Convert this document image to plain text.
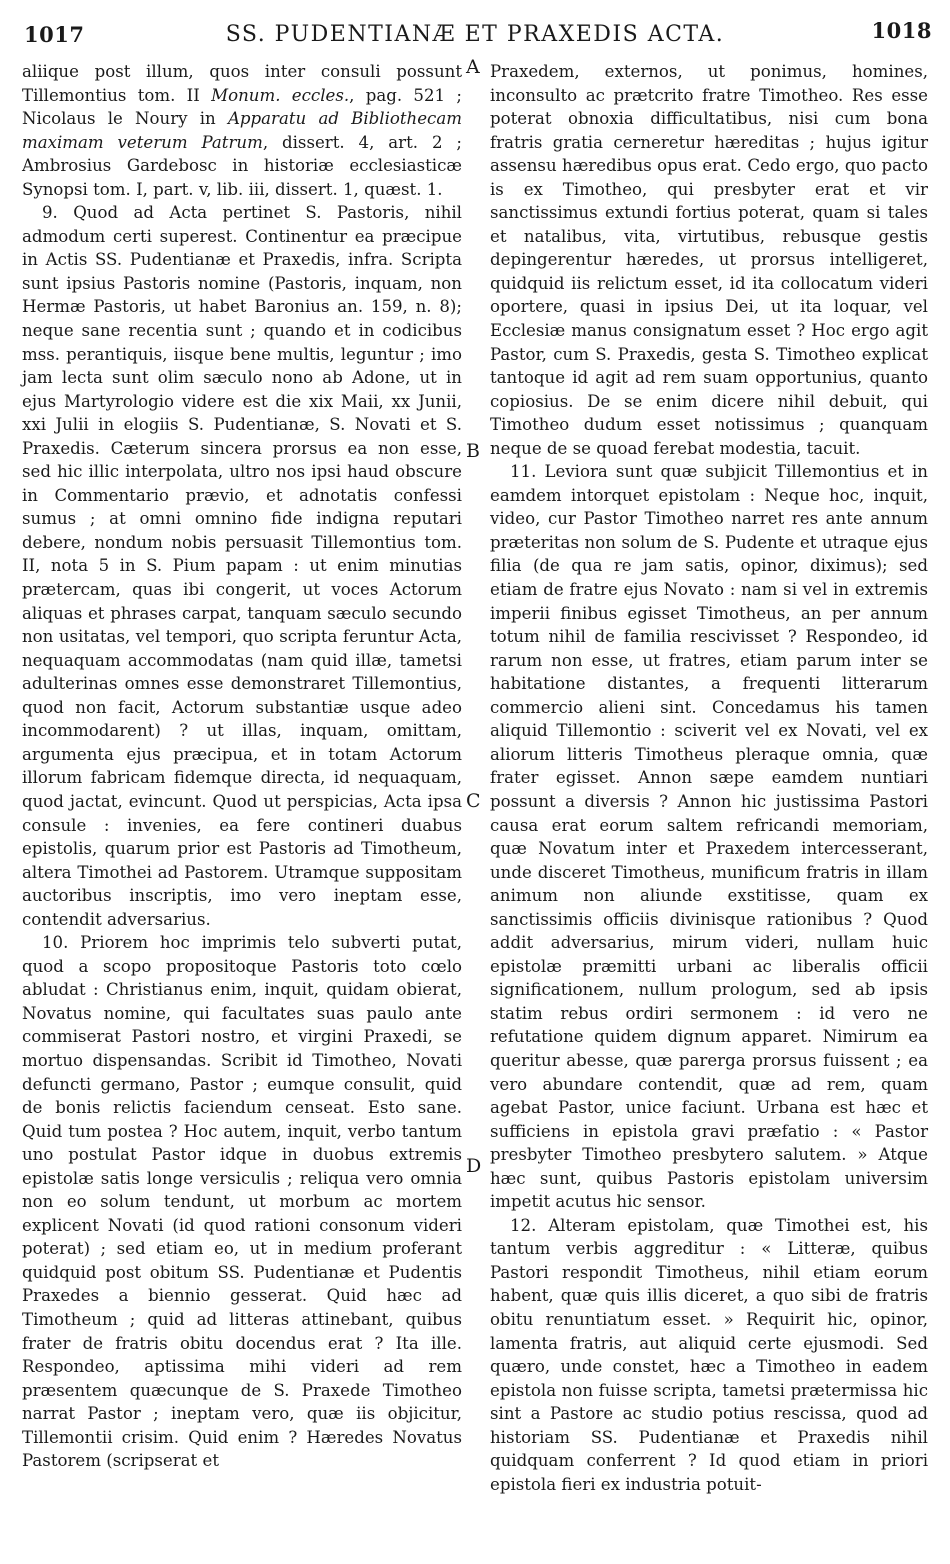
1017	SS. PUDENTIANÆ ET PRAXEDIS ACTA.	1018

aliique post illum, quos inter consuli possunt Tillemontius tom. II Monum. eccles., pag. 521 ; Nicolaus le Noury in Apparatu ad Bibliothecam maximam veterum Patrum, dissert. 4, art. 2 ; Ambrosius Gardebosc in historiæ ecclesiasticæ Synopsi tom. I, part. v, lib. iii, dissert. 1, quæst. 1.

9. Quod ad Acta pertinet S. Pastoris, nihil admodum certi superest. Continentur ea præcipue in Actis SS. Pudentianæ et Praxedis, infra. Scripta sunt ipsius Pastoris nomine (Pastoris, inquam, non Hermæ Pastoris, ut habet Baronius an. 159, n. 8); neque sane recentia sunt ; quando et in codicibus mss. perantiquis, iisque bene multis, leguntur ; imo jam lecta sunt olim sæculo nono ab Adone, ut in ejus Martyrologio videre est die xix Maii, xx Junii, xxi Julii in elogiis S. Pudentianæ, S. Novati et S. Praxedis. Cæterum sincera prorsus ea non esse, sed hic illic interpolata, ultro nos ipsi haud obscure in Commentario prævio, et adnotatis confessi sumus ; at omni omnino fide indigna reputari debere, nondum nobis persuasit Tillemontius tom. II, nota 5 in S. Pium papam : ut enim minutias prætercam, quas ibi congerit, ut voces Actorum aliquas et phrases carpat, tanquam sæculo secundo non usitatas, vel tempori, quo scripta feruntur Acta, nequaquam accommodatas (nam quid illæ, tametsi adulterinas omnes esse demonstraret Tillemontius, quod non facit, Actorum substantiæ usque adeo incommodarent) ? ut illas, inquam, omittam, argumenta ejus præcipua, et in totam Actorum illorum fabricam fidemque directa, id nequaquam, quod jactat, evincunt. Quod ut perspicias, Acta ipsa consule : invenies, ea fere contineri duabus epistolis, quarum prior est Pastoris ad Timotheum, altera Timothei ad Pastorem. Utramque suppositam auctoribus inscriptis, imo vero ineptam esse, contendit adversarius.

10. Priorem hoc imprimis telo subverti putat, quod a scopo propositoque Pastoris toto cœlo abludat : Christianus enim, inquit, quidam obierat, Novatus nomine, qui facultates suas paulo ante commiserat Pastori nostro, et virgini Praxedi, se mortuo dispensandas. Scribit id Timotheo, Novati defuncti germano, Pastor ; eumque consulit, quid de bonis relictis faciendum censeat. Esto sane. Quid tum postea ? Hoc autem, inquit, verbo tantum uno postulat Pastor idque in duobus extremis epistolæ satis longe versiculis ; reliqua vero omnia non eo solum tendunt, ut morbum ac mortem explicent Novati (id quod rationi consonum videri poterat) ; sed etiam eo, ut in medium proferant quidquid post obitum SS. Pudentianæ et Pudentis Praxedes a biennio gesserat. Quid hæc ad Timotheum ; quid ad litteras attinebant, quibus frater de fratris obitu docendus erat ? Ita ille. Respondeo, aptissima mihi videri ad rem præsentem quæcunque de S. Praxede Timotheo narrat Pastor ; ineptam vero, quæ iis objicitur, Tillemontii crisim. Quid enim ? Hæredes Novatus Pastorem (scripserat et

A
B
C
D

Praxedem, externos, ut ponimus, homines, inconsulto ac prætcrito fratre Timotheo. Res esse poterat obnoxia difficultatibus, nisi cum bona fratris gratia cerneretur hæreditas ; hujus igitur assensu hæredibus opus erat. Cedo ergo, quo pacto is ex Timotheo, qui presbyter erat et vir sanctissimus extundi fortius poterat, quam si tales et natalibus, vita, virtutibus, rebusque gestis depingerentur hæredes, ut prorsus intelligeret, quidquid iis relictum esset, id ita collocatum videri oportere, quasi in ipsius Dei, ut ita loquar, vel Ecclesiæ manus consignatum esset ? Hoc ergo agit Pastor, cum S. Praxedis, gesta S. Timotheo explicat tantoque id agit ad rem suam opportunius, quanto copiosius. De se enim dicere nihil debuit, qui Timotheo dudum esset notissimus ; quanquam neque de se quoad ferebat modestia, tacuit.

11. Leviora sunt quæ subjicit Tillemontius et in eamdem intorquet epistolam : Neque hoc, inquit, video, cur Pastor Timotheo narret res ante annum præteritas non solum de S. Pudente et utraque ejus filia (de qua re jam satis, opinor, diximus); sed etiam de fratre ejus Novato : nam si vel in extremis imperii finibus egisset Timotheus, an per annum totum nihil de familia rescivisset ? Respondeo, id rarum non esse, ut fratres, etiam parum inter se habitatione distantes, a frequenti litterarum commercio alieni sint. Concedamus his tamen aliquid Tillemontio : sciverit vel ex Novati, vel ex aliorum litteris Timotheus pleraque omnia, quæ frater egisset. Annon sæpe eamdem nuntiari possunt a diversis ? Annon hic justissima Pastori causa erat eorum saltem refricandi memoriam, quæ Novatum inter et Praxedem intercesserant, unde disceret Timotheus, munificum fratris in illam animum non aliunde exstitisse, quam ex sanctissimis officiis divinisque rationibus ? Quod addit adversarius, mirum videri, nullam huic epistolæ præmitti urbani ac liberalis officii significationem, nullum prologum, sed ab ipsis statim rebus ordiri sermonem : id vero ne refutatione quidem dignum apparet. Nimirum ea queritur abesse, quæ parerga prorsus fuissent ; ea vero abundare contendit, quæ ad rem, quam agebat Pastor, unice faciunt. Urbana est hæc et sufficiens in epistola gravi præfatio : « Pastor presbyter Timotheo presbytero salutem. » Atque hæc sunt, quibus Pastoris epistolam universim impetit acutus hic sensor.

12. Alteram epistolam, quæ Timothei est, his tantum verbis aggreditur : « Litteræ, quibus Pastori respondit Timotheus, nihil etiam eorum habent, quæ quis illis diceret, a quo sibi de fratris obitu renuntiatum esset. » Requirit hic, opinor, lamenta fratris, aut aliquid certe ejusmodi. Sed quæro, unde constet, hæc a Timotheo in eadem epistola non fuisse scripta, tametsi prætermissa hic sint a Pastore ac studio potius rescissa, quod ad historiam SS. Pudentianæ et Praxedis nihil quidquam conferrent ? Id quod etiam in priori epistola fieri ex industria potuit-
